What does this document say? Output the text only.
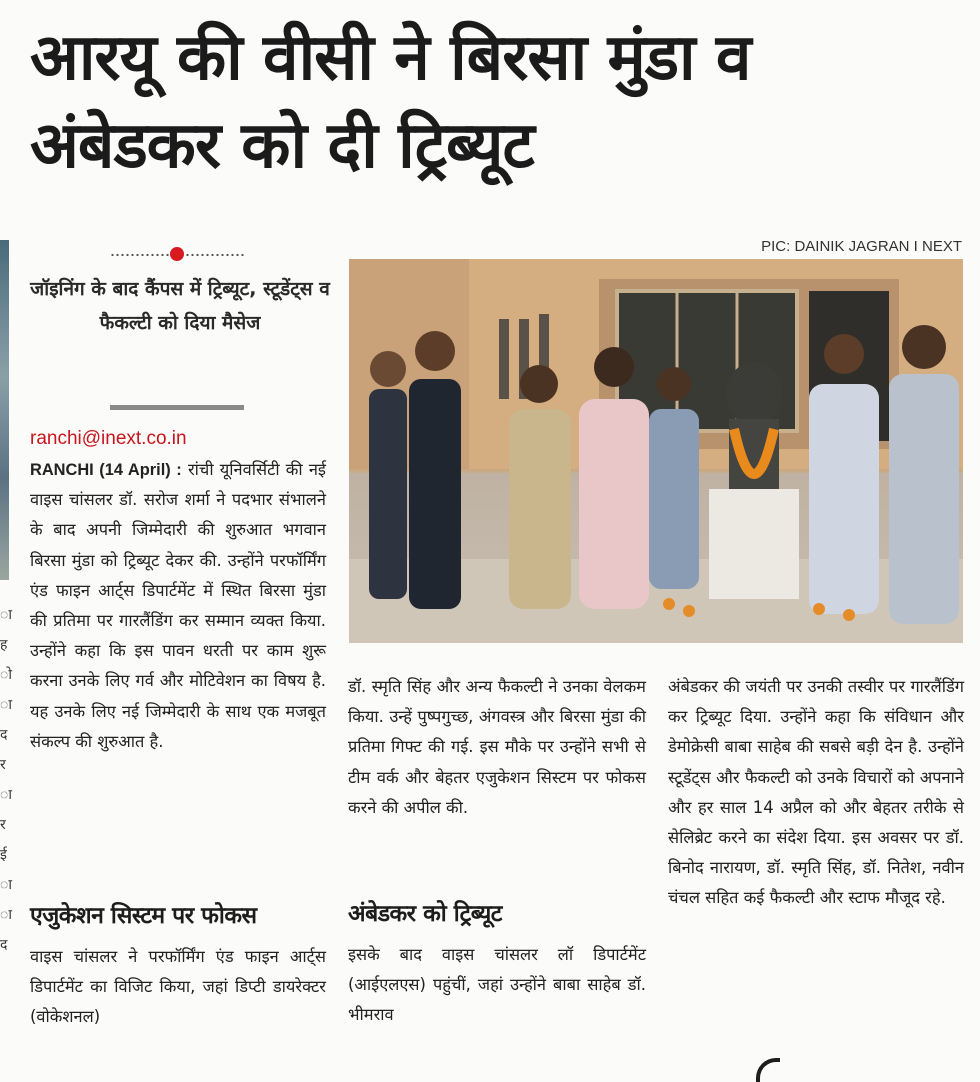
आरयू की वीसी ने बिरसा मुंडा व अंबेडकर को दी ट्रिब्यूट
PIC: DAINIK JAGRAN I NEXT
जॉइनिंग के बाद कैंपस में ट्रिब्यूट, स्टूडेंट्स व फैकल्टी को दिया मैसेज
ranchi@inext.co.in

RANCHI (14 April) : रांची यूनिवर्सिटी की नई वाइस चांसलर डॉ. सरोज शर्मा ने पदभार संभालने के बाद अपनी जिम्मेदारी की शुरुआत भगवान बिरसा मुंडा को ट्रिब्यूट देकर की. उन्होंने परफॉर्मिंग एंड फाइन आर्ट्स डिपार्टमेंट में स्थित बिरसा मुंडा की प्रतिमा पर गारलैंडिंग कर सम्मान व्यक्त किया. उन्होंने कहा कि इस पावन धरती पर काम शुरू करना उनके लिए गर्व और मोटिवेशन का विषय है. यह उनके लिए नई जिम्मेदारी के साथ एक मजबूत संकल्प की शुरुआत है.

एजुकेशन सिस्टम पर फोकस

वाइस चांसलर ने परफॉर्मिंग एंड फाइन आर्ट्स डिपार्टमेंट का विजिट किया, जहां डिप्टी डायरेक्टर (वोकेशनल)

डॉ. स्मृति सिंह और अन्य फैकल्टी ने उनका वेलकम किया. उन्हें पुष्पगुच्छ, अंगवस्त्र और बिरसा मुंडा की प्रतिमा गिफ्ट की गई. इस मौके पर उन्होंने सभी से टीम वर्क और बेहतर एजुकेशन सिस्टम पर फोकस करने की अपील की.

अंबेडकर को ट्रिब्यूट

इसके बाद वाइस चांसलर लॉ डिपार्टमेंट (आईएलएस) पहुंचीं, जहां उन्होंने बाबा साहेब डॉ. भीमराव

अंबेडकर की जयंती पर उनकी तस्वीर पर गारलैंडिंग कर ट्रिब्यूट दिया. उन्होंने कहा कि संविधान और डेमोक्रेसी बाबा साहेब की सबसे बड़ी देन है. उन्होंने स्टूडेंट्स और फैकल्टी को उनके विचारों को अपनाने और हर साल 14 अप्रैल को और बेहतर तरीके से सेलिब्रेट करने का संदेश दिया. इस अवसर पर डॉ. बिनोद नारायण, डॉ. स्मृति सिंह, डॉ. नितेश, नवीन चंचल सहित कई फैकल्टी और स्टाफ मौजूद रहे.

ा
ह
ो
ा
द
र
ा
र
ई
ा
ा
द
